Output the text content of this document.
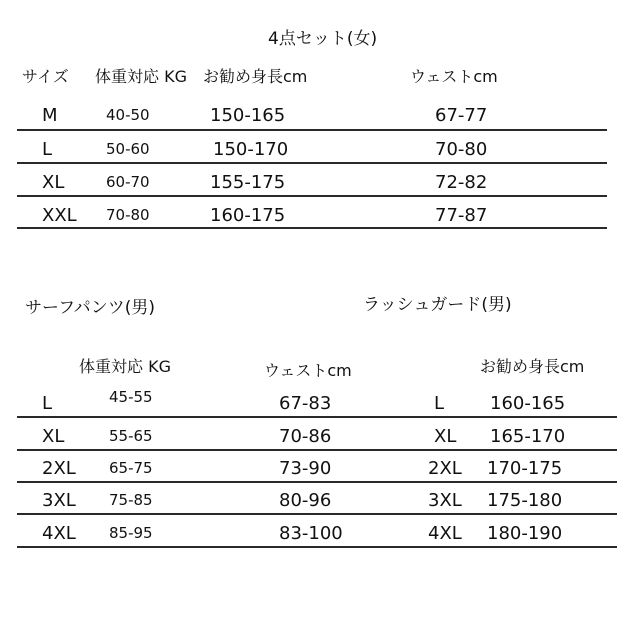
4点セット(女)
サイズ 体重対応 KG お勧め身長cm	ウェストcm
M	40-50	150-165	67-77
L	50-60	150-170	70-80
XL	60-70	155-175	72-82
XXL 70-80	160-175	77-87
サーフパンツ(男)	ラッシュガード(男)
体重対応 KG	ウェストcm	お勧め身長cm
L	45-55	67-83	L	160-165
XL	55-65	70-86	XL 165-170
2XL 65-75	73-90	2XL 170-175
3XL 75-85	80-96	3XL 175-180
4XL 85-95	83-100	4XL 180-190
